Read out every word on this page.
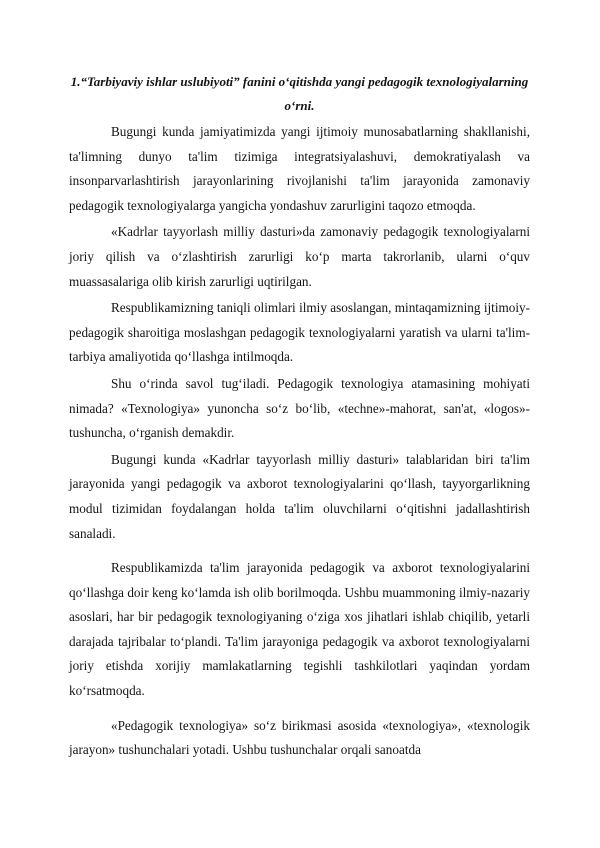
1.“Tarbiyaviy ishlar uslubiyoti” fanini o‘qitishda yangi pedagogik texnologiyalarning o‘rni.

Bugungi kunda jamiyatimizda yangi ijtimoiy munosabatlarning shakllanishi, ta'limning dunyo ta'lim tizimiga integratsiyalashuvi, demokratiyalash va insonparvarlashtirish jarayonlarining rivojlanishi ta'lim jarayonida zamonaviy pedagogik texnologiyalarga yangicha yondashuv zarurligini taqozo etmoqda.

«Kadrlar tayyorlash milliy dasturi»da zamonaviy pedagogik texnologiyalarni joriy qilish va o‘zlashtirish zarurligi ko‘p marta takrorlanib, ularni o‘quv muassasalariga olib kirish zarurligi uqtirilgan.

Respublikamizning taniqli olimlari ilmiy asoslangan, mintaqamizning ijtimoiy-pedagogik sharoitiga moslashgan pedagogik texnologiyalarni yaratish va ularni ta'lim-tarbiya amaliyotida qo‘llashga intilmoqda.

Shu o‘rinda savol tug‘iladi. Pedagogik texnologiya atamasining mohiyati nimada? «Texnologiya» yunoncha so‘z bo‘lib, «techne»-mahorat, san'at, «logos»-tushuncha, o‘rganish demakdir.

Bugungi kunda «Kadrlar tayyorlash milliy dasturi» talablaridan biri ta'lim jarayonida yangi pedagogik va axborot texnologiyalarini qo‘llash, tayyorgarlikning modul tizimidan foydalangan holda ta'lim oluvchilarni o‘qitishni jadallashtirish sanaladi.

Respublikamizda ta'lim jarayonida pedagogik va axborot texnologiyalarini qo‘llashga doir keng ko‘lamda ish olib borilmoqda. Ushbu muammoning ilmiy-nazariy asoslari, har bir pedagogik texnologiyaning o‘ziga xos jihatlari ishlab chiqilib, yetarli darajada tajribalar to‘plandi. Ta'lim jarayoniga pedagogik va axborot texnologiyalarni joriy etishda xorijiy mamlakatlarning tegishli tashkilotlari yaqindan yordam ko‘rsatmoqda.

«Pedagogik texnologiya» so‘z birikmasi asosida «texnologiya», «texnologik jarayon» tushunchalari yotadi. Ushbu tushunchalar orqali sanoatda
